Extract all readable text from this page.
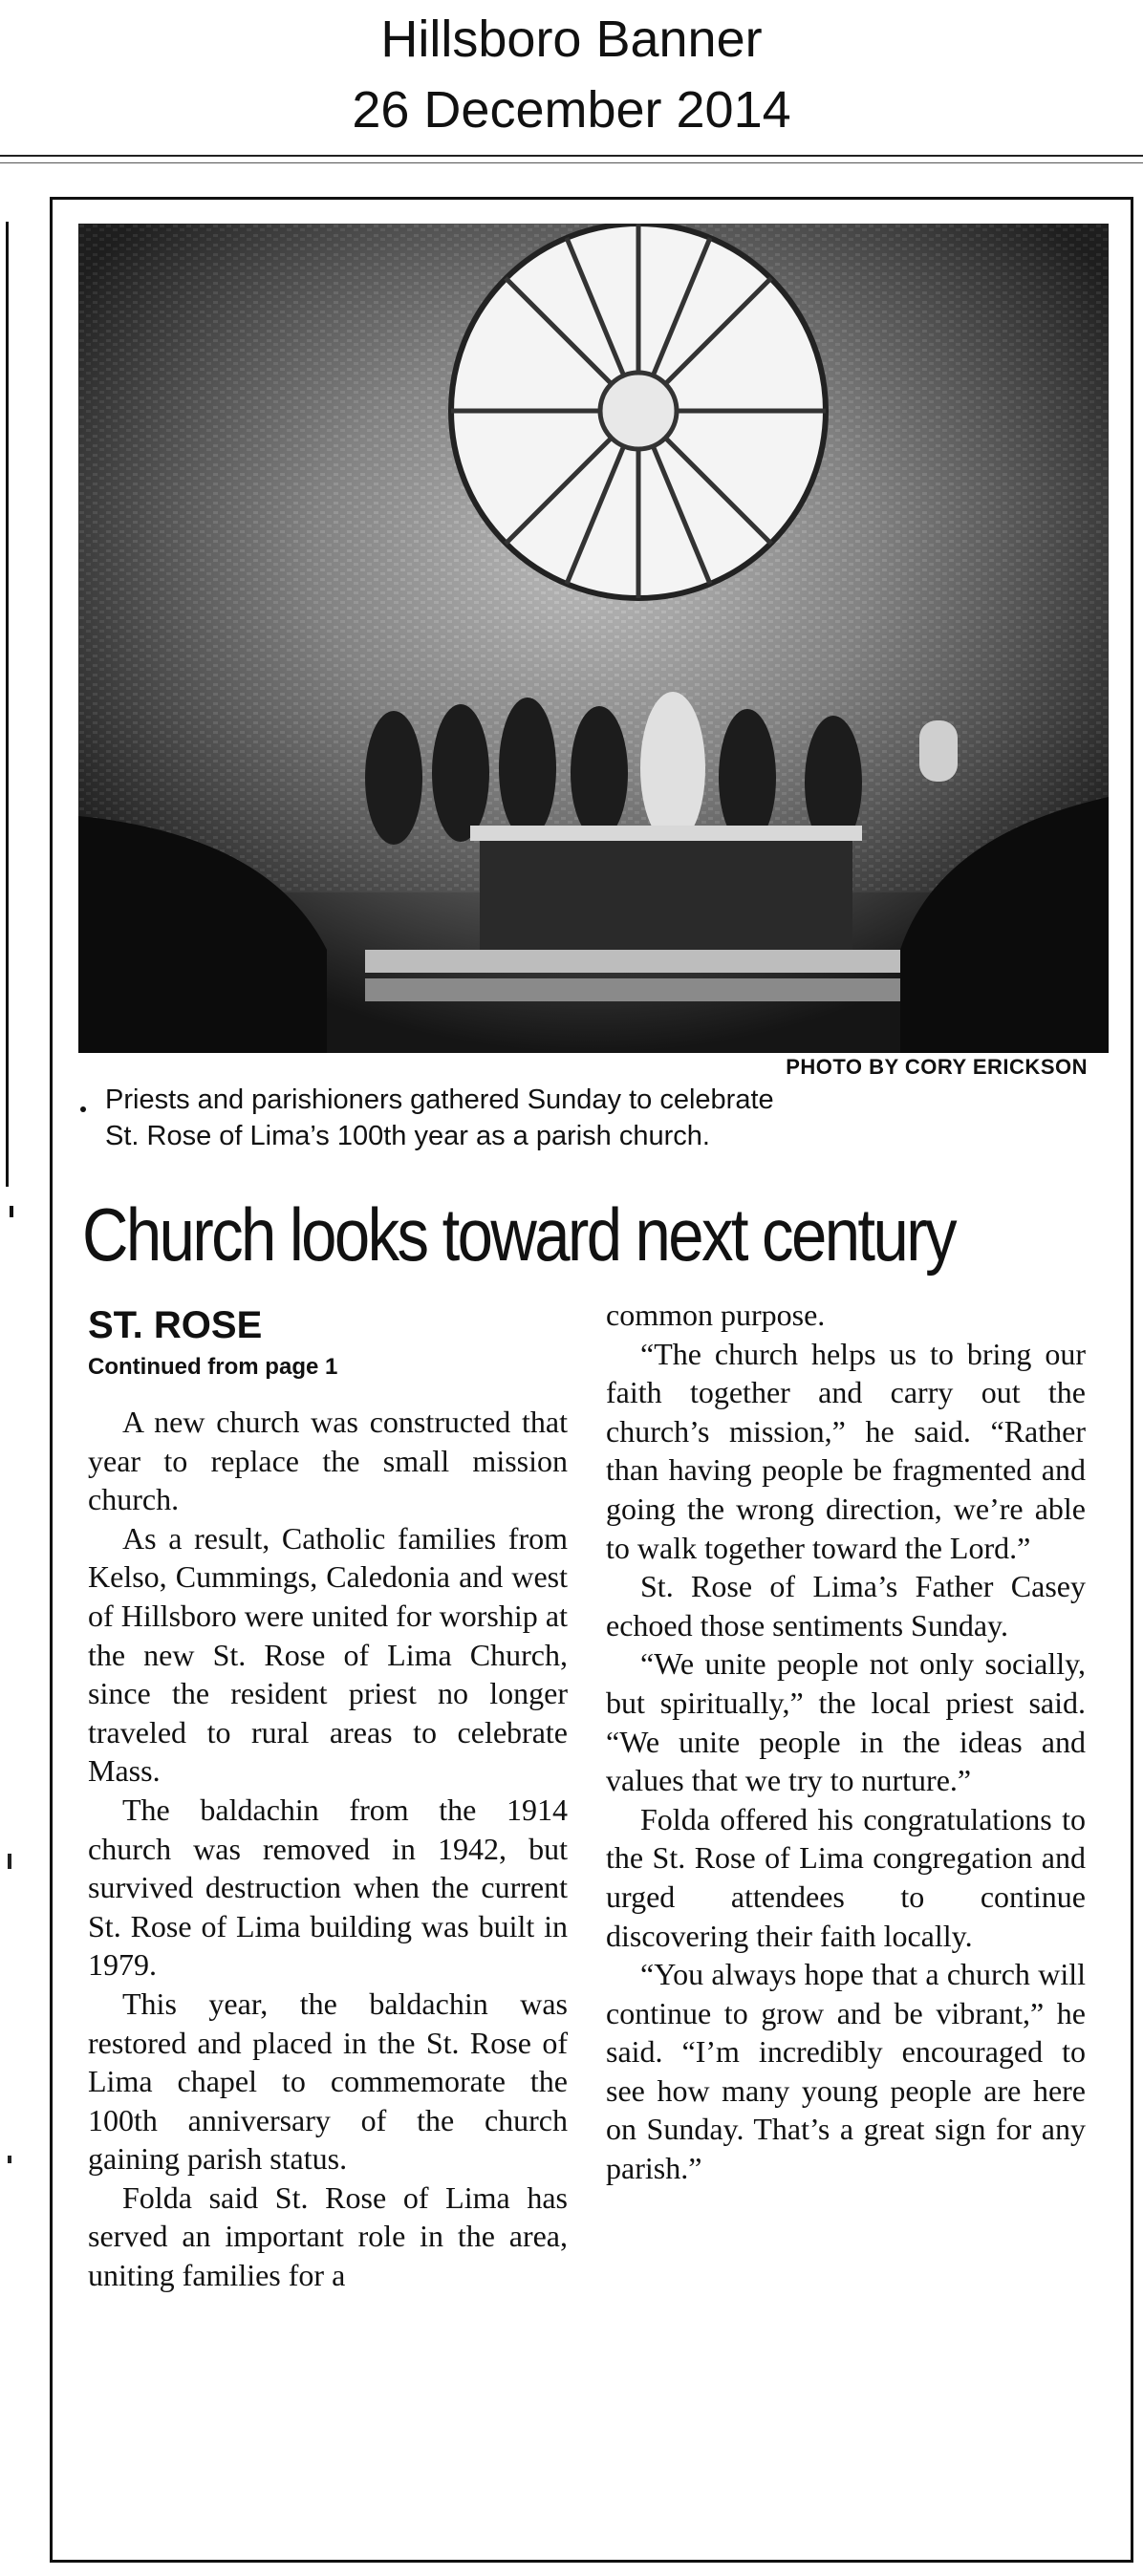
Hillsboro Banner
26 December 2014
PHOTO BY CORY ERICKSON
Priests and parishioners gathered Sunday to celebrate
St. Rose of Lima’s 100th year as a parish church.
Church looks toward next century
ST. ROSE
Continued from page 1

A new church was constructed that year to replace the small mission church.

As a result, Catholic families from Kelso, Cummings, Caledonia and west of Hillsboro were united for worship at the new St. Rose of Lima Church, since the resident priest no longer traveled to rural areas to celebrate Mass.

The baldachin from the 1914 church was removed in 1942, but survived destruction when the current St. Rose of Lima building was built in 1979.

This year, the baldachin was restored and placed in the St. Rose of Lima chapel to commemorate the 100th anniversary of the church gaining parish status.

Folda said St. Rose of Lima has served an important role in the area, uniting families for a

common purpose.

“The church helps us to bring our faith together and carry out the church’s mission,” he said. “Rather than having people be fragmented and going the wrong direction, we’re able to walk together toward the Lord.”

St. Rose of Lima’s Father Casey echoed those sentiments Sunday.

“We unite people not only socially, but spiritually,” the local priest said. “We unite people in the ideas and values that we try to nurture.”

Folda offered his congratulations to the St. Rose of Lima congregation and urged attendees to continue discovering their faith locally.

“You always hope that a church will continue to grow and be vibrant,” he said. “I’m incredibly encouraged to see how many young people are here on Sunday. That’s a great sign for any parish.”
